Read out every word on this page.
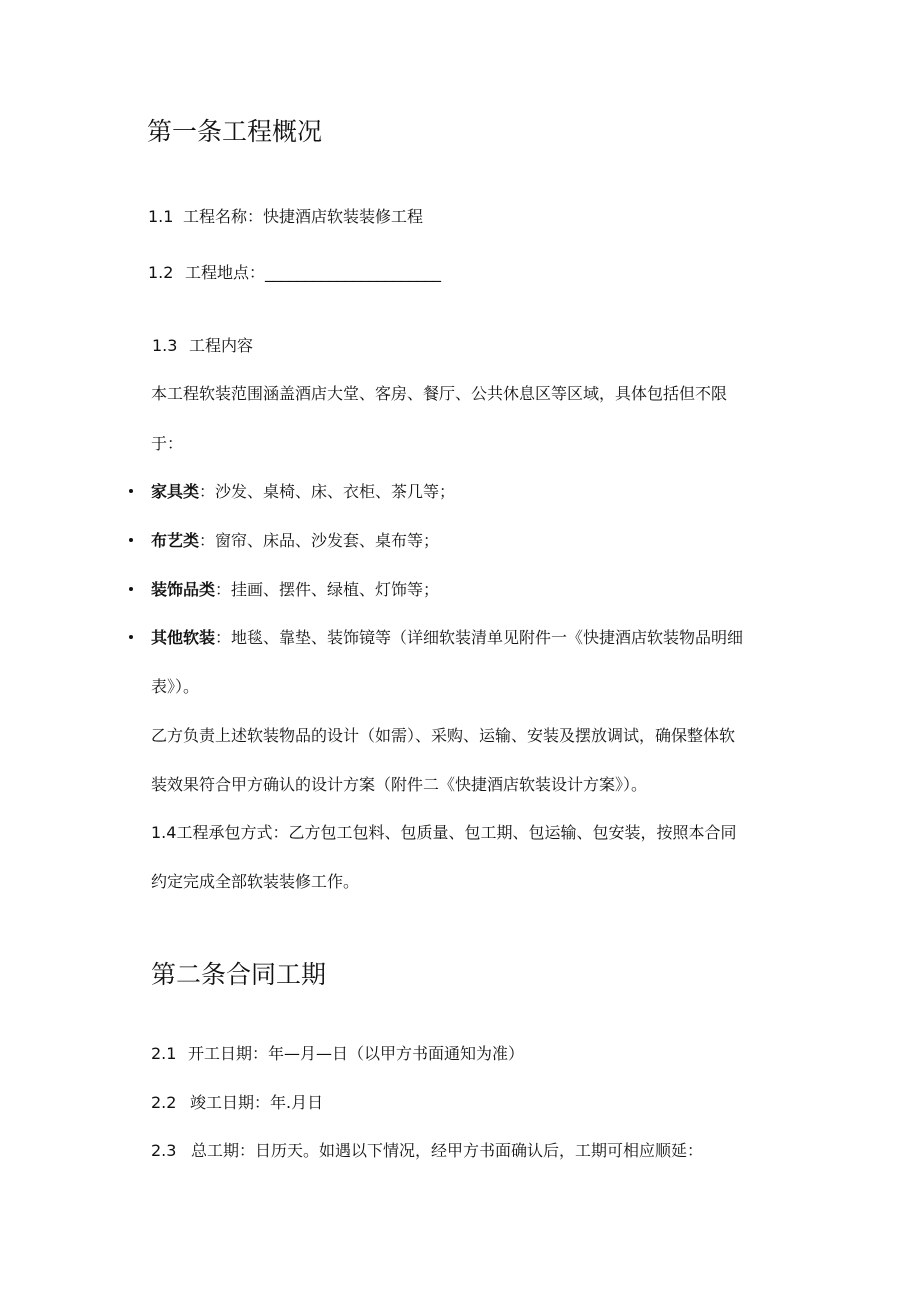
第一条工程概况
1.1 工程名称：快捷酒店软装装修工程
1.2 工程地点：______________________
1.3 工程内容
本工程软装范围涵盖酒店大堂、客房、餐厅、公共休息区等区域，具体包括但不限
于：
家具类：沙发、桌椅、床、衣柜、茶几等；
布艺类：窗帘、床品、沙发套、桌布等；
装饰品类：挂画、摆件、绿植、灯饰等；
其他软装：地毯、靠垫、装饰镜等（详细软装清单见附件一《快捷酒店软装物品明细
表》）。
乙方负责上述软装物品的设计（如需）、采购、运输、安装及摆放调试，确保整体软
装效果符合甲方确认的设计方案（附件二《快捷酒店软装设计方案》）。
1.4工程承包方式：乙方包工包料、包质量、包工期、包运输、包安装，按照本合同
约定完成全部软装装修工作。
第二条合同工期
2.1 开工日期：年—月—日（以甲方书面通知为准）
2.2 竣工日期：年.月日
2.3 总工期：日历天。如遇以下情况，经甲方书面确认后，工期可相应顺延：
